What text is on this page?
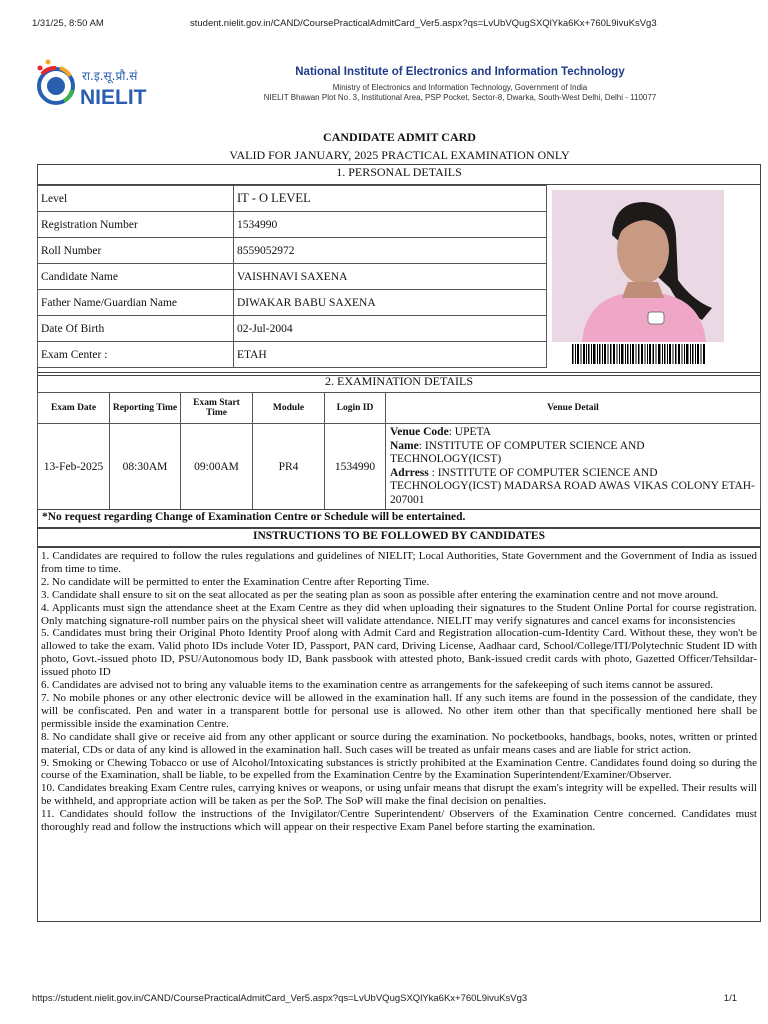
1/31/25, 8:50 AM	student.nielit.gov.in/CAND/CoursePracticalAdmitCard_Ver5.aspx?qs=LvUbVQugSXQlYka6Kx+760L9ivuKsVg3
रा.इ.सू.प्रौ.सं
NIELIT
National Institute of Electronics and Information Technology
Ministry of Electronics and Information Technology, Government of India
NIELIT Bhawan Plot No. 3, Institutional Area, PSP Pocket, Sector-8, Dwarka, South-West Delhi, Delhi - 110077
CANDIDATE ADMIT CARD
VALID FOR JANUARY, 2025 PRACTICAL EXAMINATION ONLY
1. PERSONAL DETAILS
Level	IT - O LEVEL
Registration Number	1534990
Roll Number	8559052972
Candidate Name	VAISHNAVI SAXENA
Father Name/Guardian Name	DIWAKAR BABU SAXENA
Date Of Birth	02-Jul-2004
Exam Center :	ETAH
2. EXAMINATION DETAILS
Exam Date	Reporting Time	Exam Start Time	Module	Login ID	Venue Detail
13-Feb-2025	08:30AM	09:00AM	PR4	1534990	Venue Code: UPETA
Name: INSTITUTE OF COMPUTER SCIENCE AND TECHNOLOGY(ICST)
Adrress : INSTITUTE OF COMPUTER SCIENCE AND TECHNOLOGY(ICST) MADARSA ROAD AWAS VIKAS COLONY ETAH-207001
*No request regarding Change of Examination Centre or Schedule will be entertained.
INSTRUCTIONS TO BE FOLLOWED BY CANDIDATES

1. Candidates are required to follow the rules regulations and guidelines of NIELIT; Local Authorities, State Government and the Government of India as issued from time to time.

2. No candidate will be permitted to enter the Examination Centre after Reporting Time.

3. Candidate shall ensure to sit on the seat allocated as per the seating plan as soon as possible after entering the examination centre and not move around.

4. Applicants must sign the attendance sheet at the Exam Centre as they did when uploading their signatures to the Student Online Portal for course registration. Only matching signature-roll number pairs on the physical sheet will validate attendance. NIELIT may verify signatures and cancel exams for inconsistencies

5. Candidates must bring their Original Photo Identity Proof along with Admit Card and Registration allocation-cum-Identity Card. Without these, they won't be allowed to take the exam. Valid photo IDs include Voter ID, Passport, PAN card, Driving License, Aadhaar card, School/College/ITI/Polytechnic Student ID with photo, Govt.-issued photo ID, PSU/Autonomous body ID, Bank passbook with attested photo, Bank-issued credit cards with photo, Gazetted Officer/Tehsildar-issued photo ID

6. Candidates are advised not to bring any valuable items to the examination centre as arrangements for the safekeeping of such items cannot be assured.

7. No mobile phones or any other electronic device will be allowed in the examination hall. If any such items are found in the possession of the candidate, they will be confiscated. Pen and water in a transparent bottle for personal use is allowed. No other item other than that specifically mentioned here shall be permissible inside the examination Centre.

8. No candidate shall give or receive aid from any other applicant or source during the examination. No pocketbooks, handbags, books, notes, written or printed material, CDs or data of any kind is allowed in the examination hall. Such cases will be treated as unfair means cases and are liable for strict action.

9. Smoking or Chewing Tobacco or use of Alcohol/Intoxicating substances is strictly prohibited at the Examination Centre. Candidates found doing so during the course of the Examination, shall be liable, to be expelled from the Examination Centre by the Examination Superintendent/Examiner/Observer.

10. Candidates breaking Exam Centre rules, carrying knives or weapons, or using unfair means that disrupt the exam's integrity will be expelled. Their results will be withheld, and appropriate action will be taken as per the SoP. The SoP will make the final decision on penalties.

11. Candidates should follow the instructions of the Invigilator/Centre Superintendent/ Observers of the Examination Centre concerned. Candidates must thoroughly read and follow the instructions which will appear on their respective Exam Panel before starting the examination.

https://student.nielit.gov.in/CAND/CoursePracticalAdmitCard_Ver5.aspx?qs=LvUbVQugSXQlYka6Kx+760L9ivuKsVg3	1/1
